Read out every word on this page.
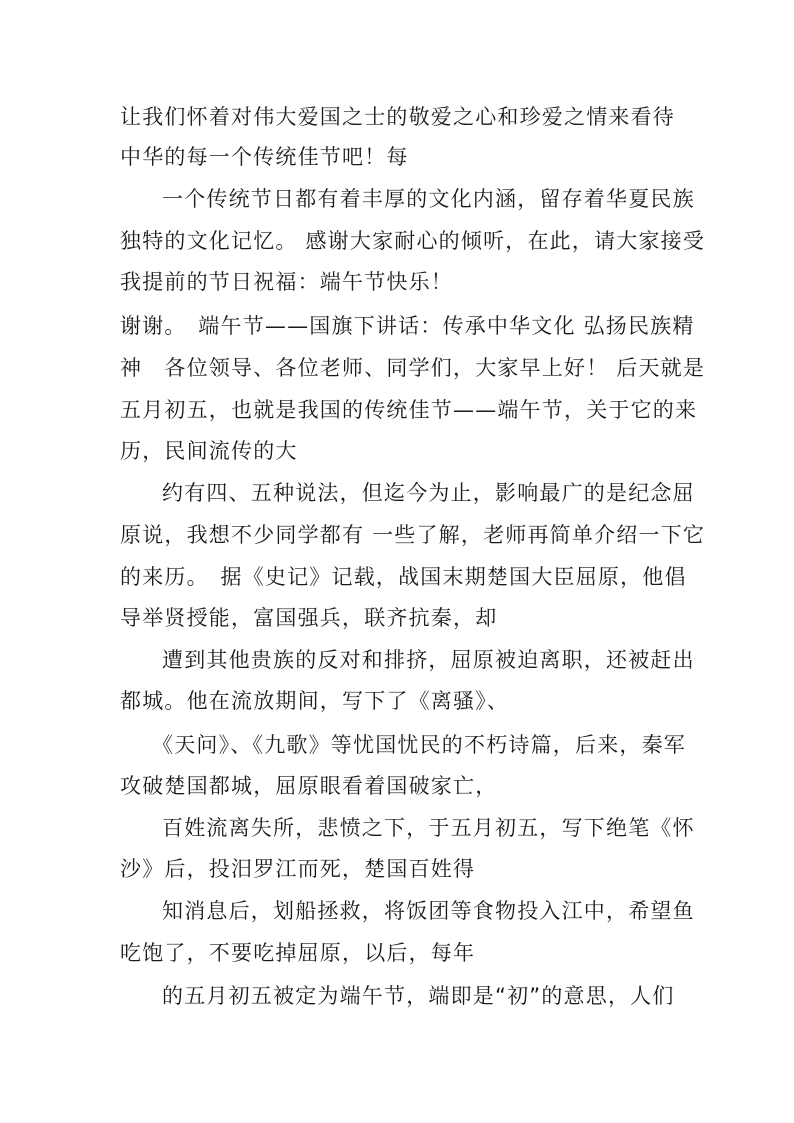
让我们怀着对伟大爱国之士的敬爱之心和珍爱之情来看待
中华的每一个传统佳节吧！每
一个传统节日都有着丰厚的文化内涵，留存着华夏民族
独特的文化记忆。 感谢大家耐心的倾听，在此，请大家接受
我提前的节日祝福：端午节快乐！
谢谢。　端午节——国旗下讲话：传承中华文化 弘扬民族精
神　各位领导、各位老师、同学们，大家早上好！ 后天就是
五月初五，也就是我国的传统佳节——端午节，关于它的来
历，民间流传的大
约有四、五种说法，但迄今为止，影响最广的是纪念屈
原说，我想不少同学都有 一些了解，老师再简单介绍一下它
的来历。　据《史记》记载，战国末期楚国大臣屈原，他倡
导举贤授能，富国强兵，联齐抗秦，却
遭到其他贵族的反对和排挤，屈原被迫离职，还被赶出
都城。他在流放期间，写下了《离骚》、
《天问》、《九歌》等忧国忧民的不朽诗篇，后来，秦军
攻破楚国都城，屈原眼看着国破家亡，
百姓流离失所，悲愤之下，于五月初五，写下绝笔《怀
沙》后，投汨罗江而死，楚国百姓得
知消息后，划船拯救，将饭团等食物投入江中，希望鱼
吃饱了，不要吃掉屈原，以后，每年
的五月初五被定为端午节，端即是“初”的意思，人们
